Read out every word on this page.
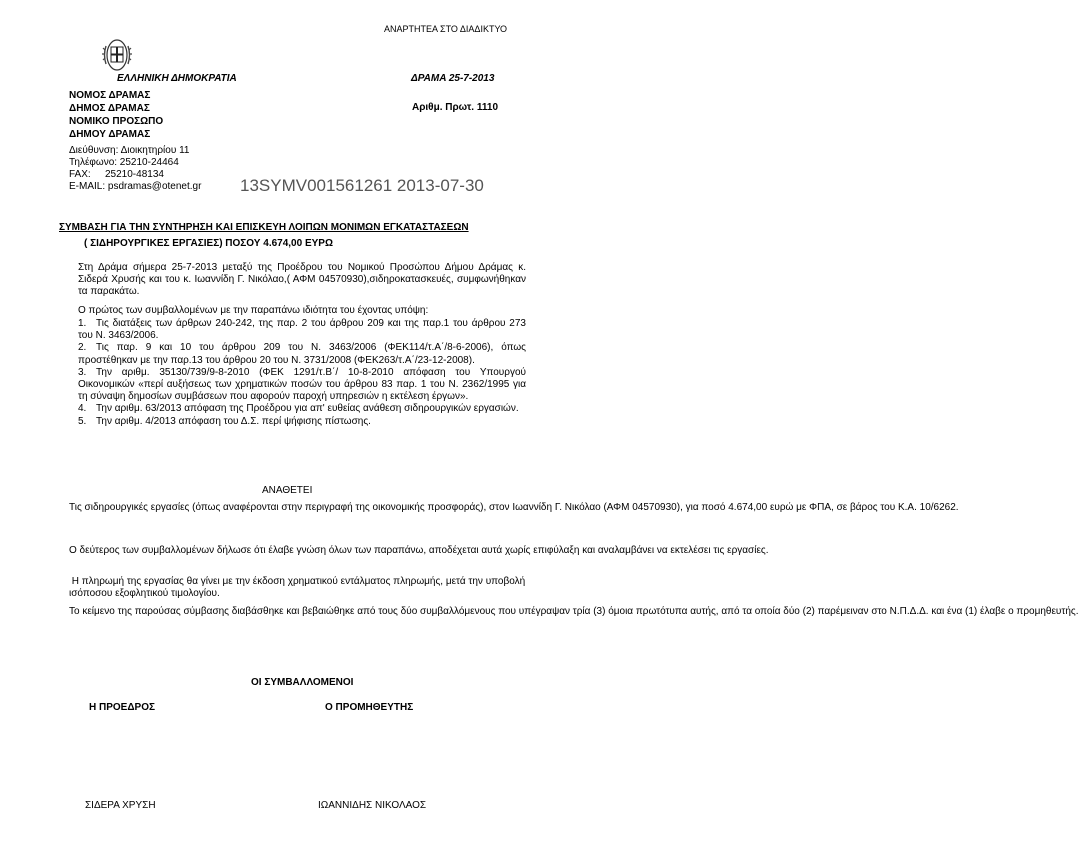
ΑΝΑΡΤΗΤΕΑ ΣΤΟ ΔΙΑΔΙΚΤΥΟ
ΕΛΛΗΝΙΚΗ ΔΗΜΟΚΡΑΤΙΑ	ΔΡΑΜΑ 25-7-2013
ΝΟΜΟΣ ΔΡΑΜΑΣ
ΔΗΜΟΣ ΔΡΑΜΑΣ
ΝΟΜΙΚΟ ΠΡΟΣΩΠΟ
ΔΗΜΟΥ ΔΡΑΜΑΣ
Αριθμ. Πρωτ. 1110
Διεύθυνση: Διοικητηρίου 11
Τηλέφωνο: 25210-24464
FAX: 25210-48134
E-MAIL: psdramas@otenet.gr 13SYMV001561261 2013-07-30
ΣΥΜΒΑΣΗ ΓΙΑ ΤΗΝ ΣΥΝΤΗΡΗΣΗ ΚΑΙ ΕΠΙΣΚΕΥΗ ΛΟΙΠΩΝ ΜΟΝΙΜΩΝ ΕΓΚΑΤΑΣΤΑΣΕΩΝ
( ΣΙΔΗΡΟΥΡΓΙΚΕΣ ΕΡΓΑΣΙΕΣ) ΠΟΣΟΥ 4.674,00 ΕΥΡΩ
Στη Δράμα σήμερα 25-7-2013 μεταξύ της Προέδρου του Νομικού Προσώπου Δήμου Δράμας κ. Σιδερά Χρυσής και του κ. Ιωαννίδη Γ. Νικόλαο,( ΑΦΜ 04570930),σιδηροκατασκευές, συμφωνήθηκαν τα παρακάτω.
Ο πρώτος των συμβαλλομένων με την παραπάνω ιδιότητα του έχοντας υπόψη:
1. Τις διατάξεις των άρθρων 240-242, της παρ. 2 του άρθρου 209 και της παρ.1 του άρθρου 273 του Ν. 3463/2006.
2. Τις παρ. 9 και 10 του άρθρου 209 του Ν. 3463/2006 (ΦΕΚ114/τ.Α΄/8-6-2006), όπως προστέθηκαν με την παρ.13 του άρθρου 20 του Ν. 3731/2008 (ΦΕΚ263/τ.Α΄/23-12-2008).
3. Την αριθμ. 35130/739/9-8-2010 (ΦΕΚ 1291/τ.Β΄/ 10-8-2010 απόφαση του Υπουργού Οικονομικών «περί αυξήσεως των χρηματικών ποσών του άρθρου 83 παρ. 1 του Ν. 2362/1995 για τη σύναψη δημοσίων συμβάσεων που αφορούν παροχή υπηρεσιών η εκτέλεση έργων».
4. Την αριθμ. 63/2013 απόφαση της Προέδρου για απ' ευθείας ανάθεση σιδηρουργικών εργασιών.
5. Την αριθμ. 4/2013 απόφαση του Δ.Σ. περί ψήφισης πίστωσης.
ΑΝΑΘΕΤΕΙ
Τις σιδηρουργικές εργασίες (όπως αναφέρονται στην περιγραφή της οικονομικής προσφοράς), στον Ιωαννίδη Γ. Νικόλαο (ΑΦΜ 04570930), για ποσό 4.674,00 ευρώ με ΦΠΑ, σε βάρος του Κ.Α. 10/6262.
Ο δεύτερος των συμβαλλομένων δήλωσε ότι έλαβε γνώση όλων των παραπάνω, αποδέχεται αυτά χωρίς επιφύλαξη και αναλαμβάνει να εκτελέσει τις εργασίες.
Η πληρωμή της εργασίας θα γίνει με την έκδοση χρηματικού εντάλματος πληρωμής, μετά την υποβολή ισόποσου εξοφλητικού τιμολογίου.
Το κείμενο της παρούσας σύμβασης διαβάσθηκε και βεβαιώθηκε από τους δύο συμβαλλόμενους που υπέγραψαν τρία (3) όμοια πρωτότυπα αυτής, από τα οποία δύο (2) παρέμειναν στο Ν.Π.Δ.Δ. και ένα (1) έλαβε ο προμηθευτής.
ΟΙ ΣΥΜΒΑΛΛΟΜΕΝΟΙ
Η ΠΡΟΕΔΡΟΣ	Ο ΠΡΟΜΗΘΕΥΤΗΣ
ΣΙΔΕΡΑ ΧΡΥΣΗ	ΙΩΑΝΝΙΔΗΣ ΝΙΚΟΛΑΟΣ
